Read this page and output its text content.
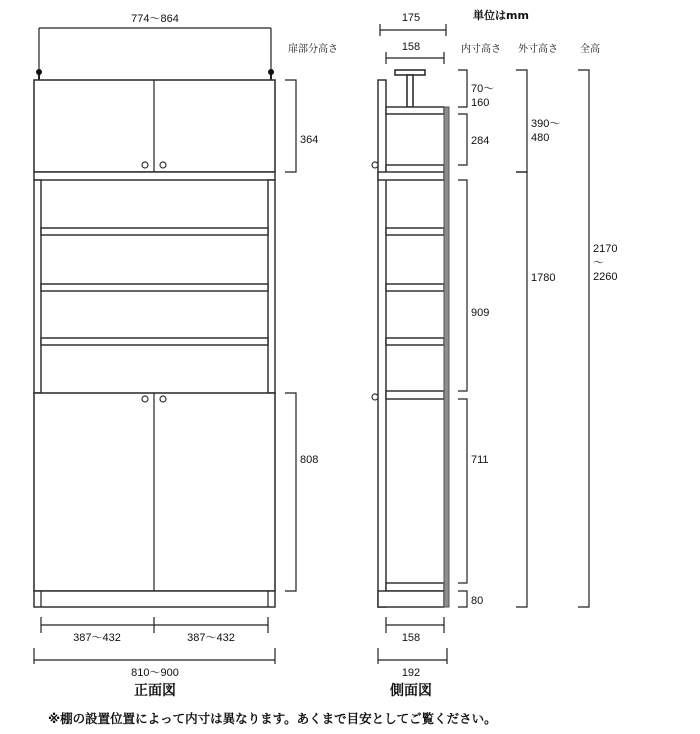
774～864
364
808
387～432	387～432
810～900
正面図
175
158
158
192
側面図
単位はmm
扉部分高さ	内寸高さ 外寸高さ 全高
70～
160
284
909
711
80
390～
480
1780
2170
～
2260
※棚の設置位置によって内寸は異なります。あくまで目安としてご覧ください。
